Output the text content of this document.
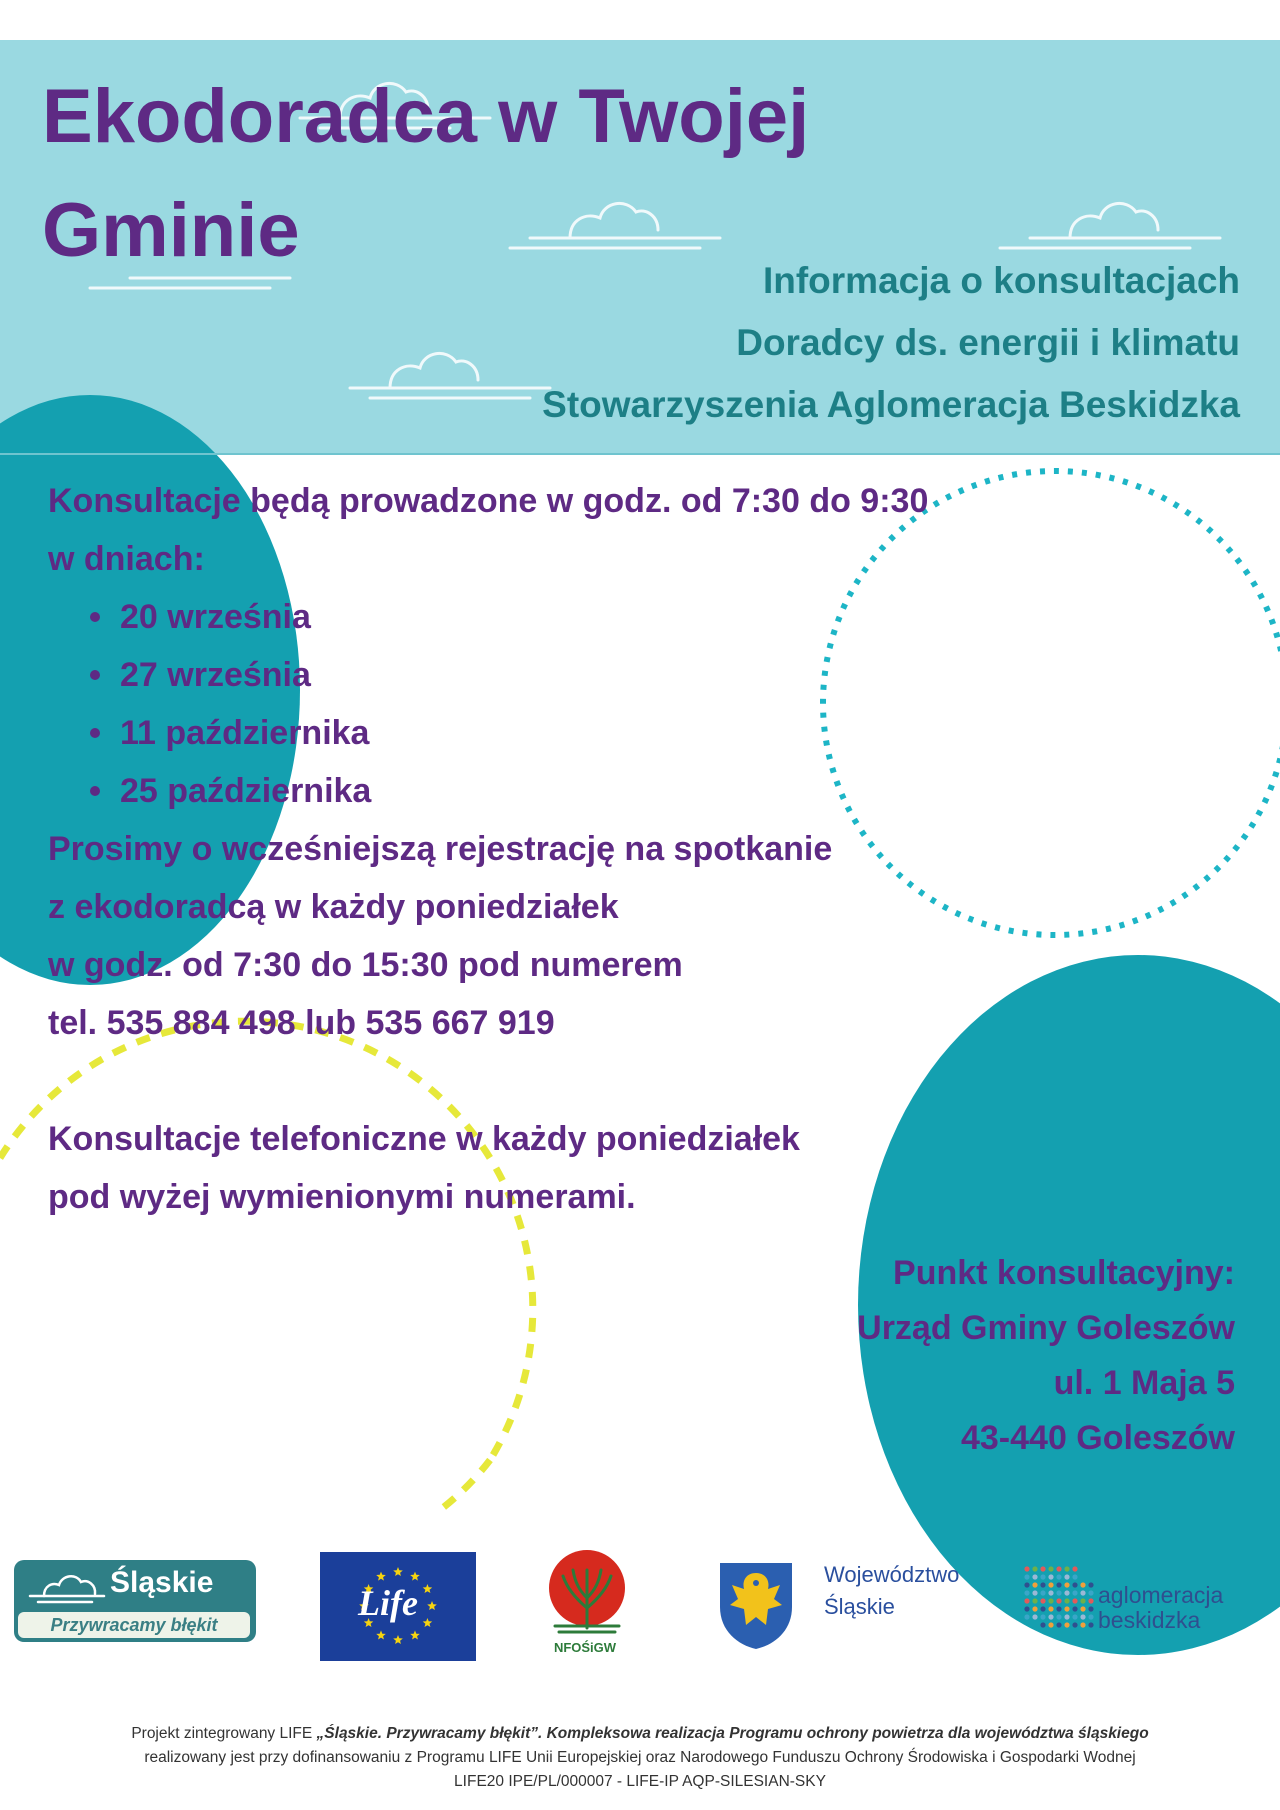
Ekodoradca w Twojej
Gminie
Informacja o konsultacjach
Doradcy ds. energii i klimatu
Stowarzyszenia Aglomeracja Beskidzka

Konsultacje będą prowadzone w godz. od 7:30 do 9:30

w dniach:

20 września
27 września
11 października
25 października

Prosimy o wcześniejszą rejestrację na spotkanie

z ekodoradcą w każdy poniedziałek

w godz. od 7:30 do 15:30 pod numerem

tel. 535 884 498 lub 535 667 919

Konsultacje telefoniczne w każdy poniedziałek

pod wyżej wymienionymi numerami.

Punkt konsultacyjny:
Urząd Gminy Goleszów
ul. 1 Maja 5
43-440 Goleszów
Śląskie
Przywracamy błękit
Life
NFOŚiGW
Województwo
Śląskie	aglomeracja
beskidzka
Projekt zintegrowany LIFE „Śląskie. Przywracamy błękit”. Kompleksowa realizacja Programu ochrony powietrza dla województwa śląskiego
realizowany jest przy dofinansowaniu z Programu LIFE Unii Europejskiej oraz Narodowego Funduszu Ochrony Środowiska i Gospodarki Wodnej
LIFE20 IPE/PL/000007 - LIFE-IP AQP-SILESIAN-SKY
